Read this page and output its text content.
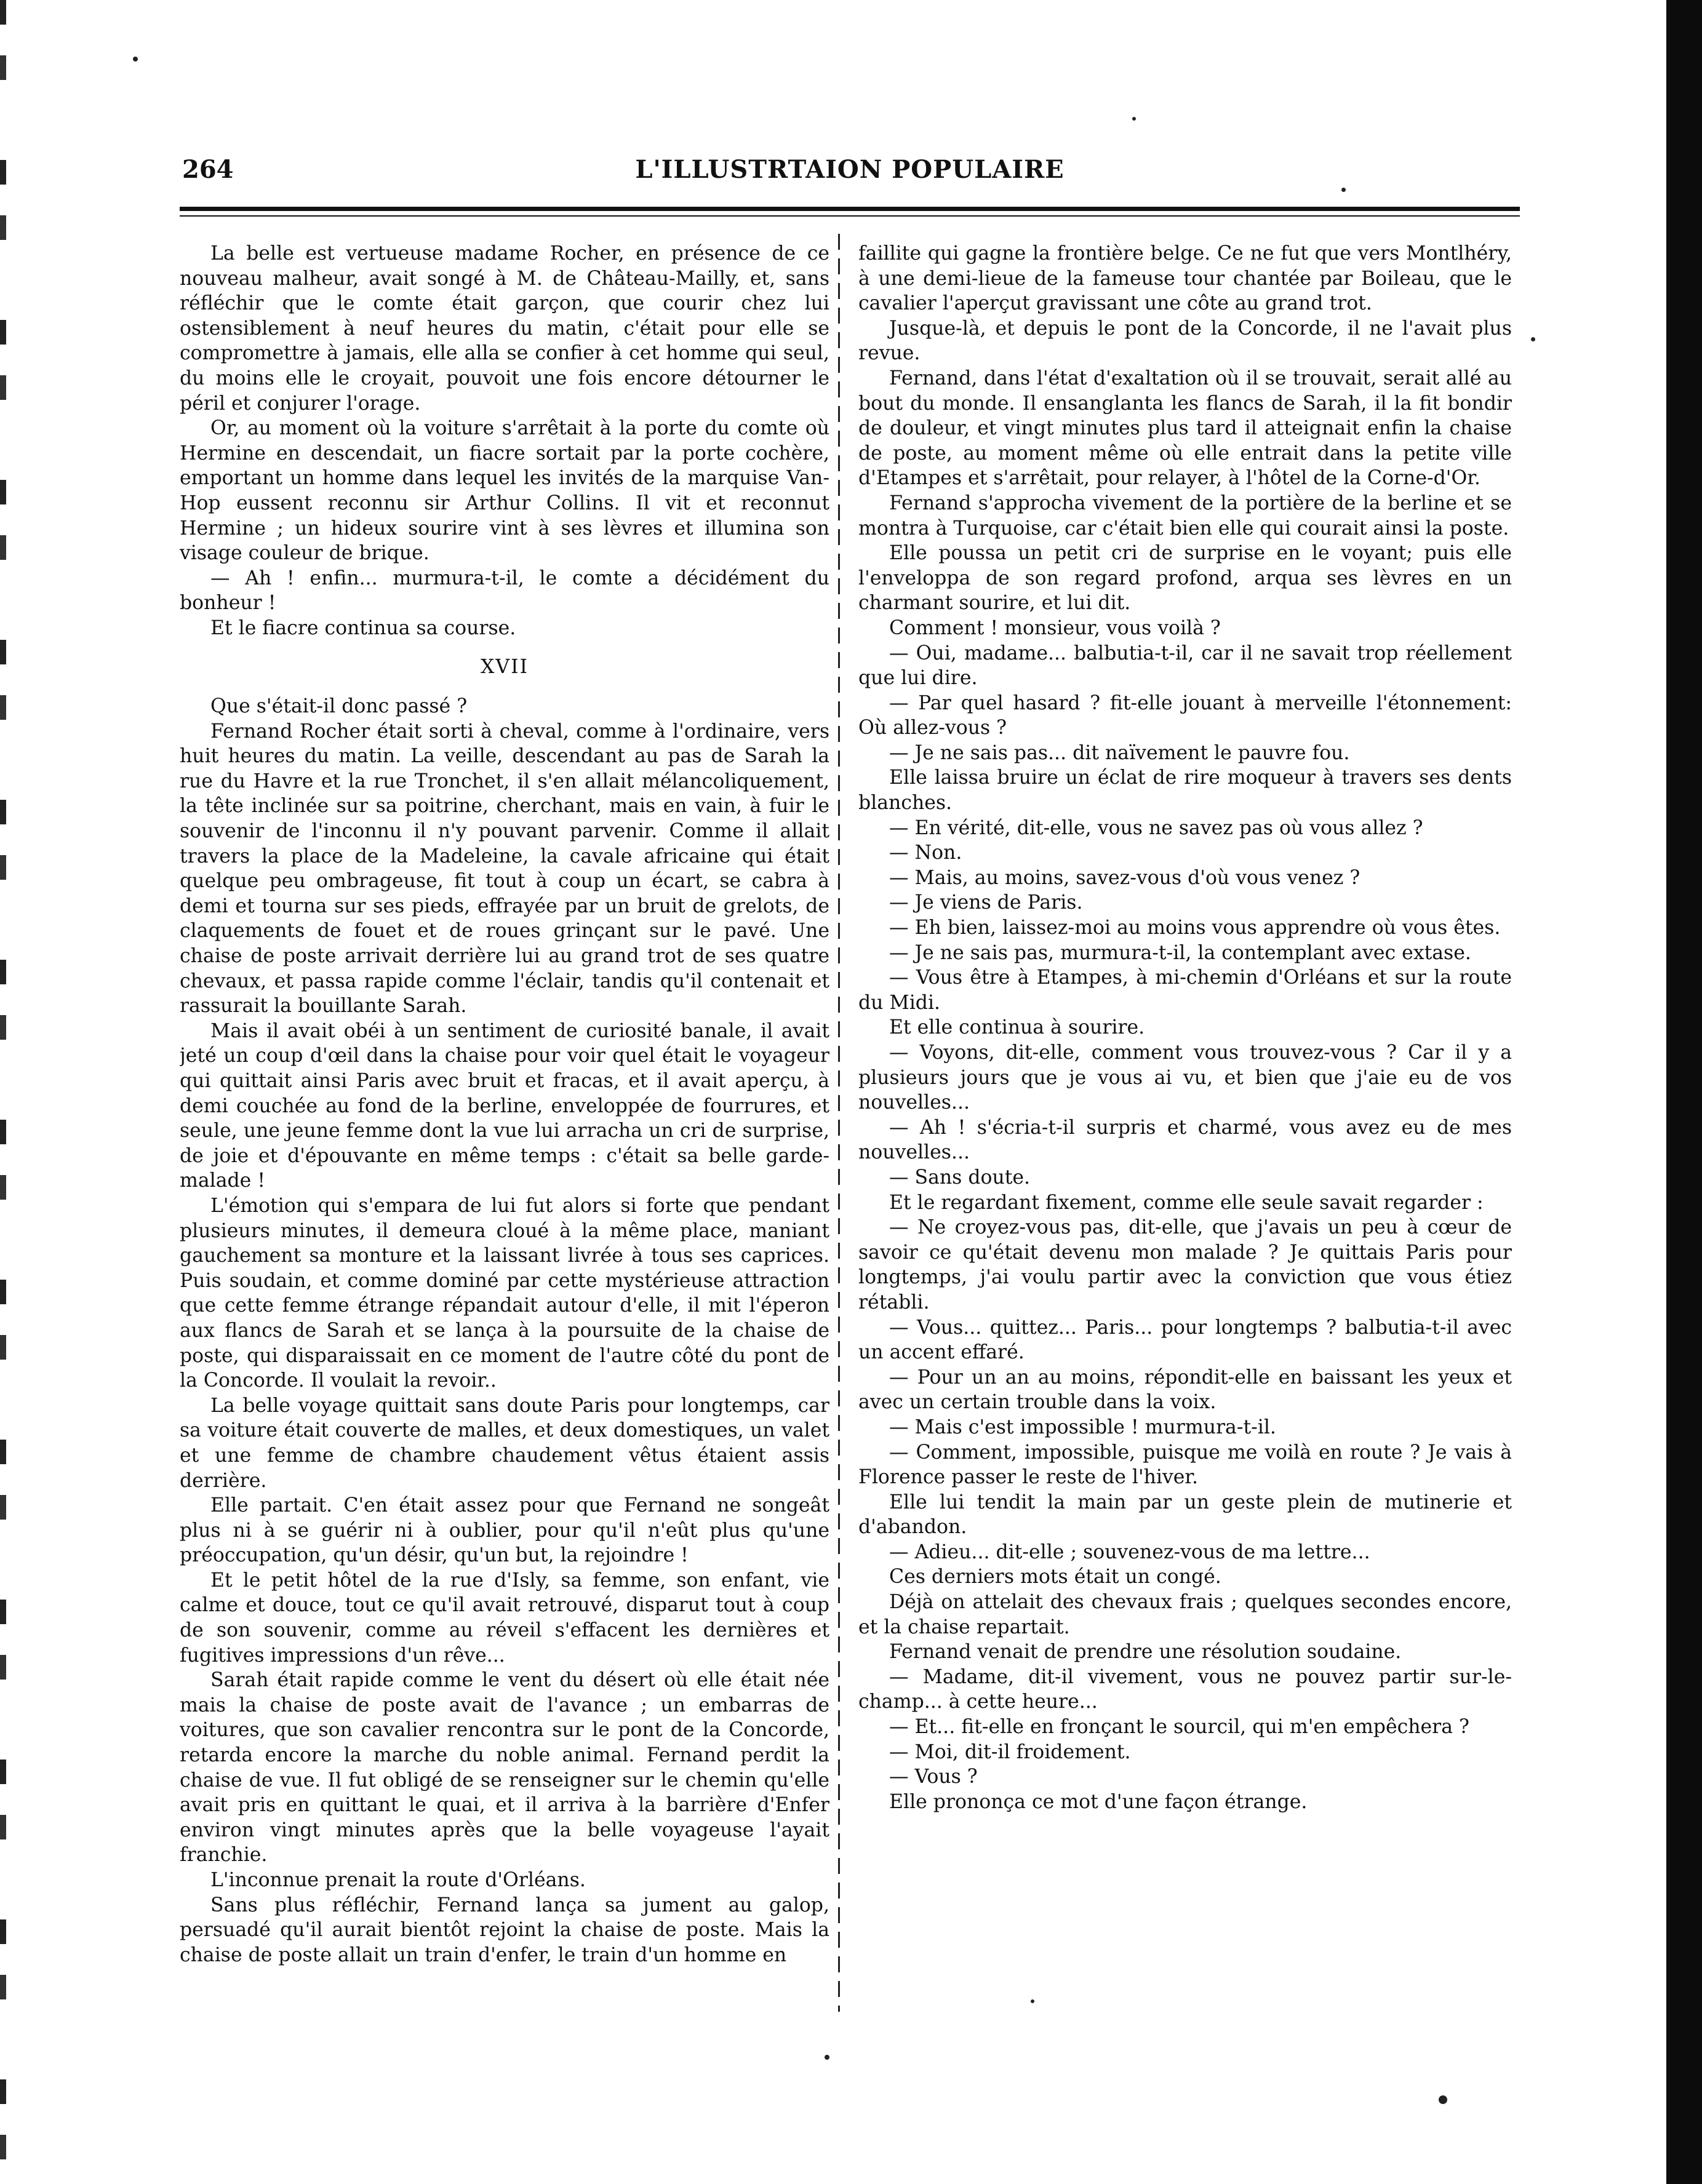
264	L'ILLUSTRTAION POPULAIRE

La belle est vertueuse madame Rocher, en présence de ce nouveau malheur, avait songé à M. de Château-Mailly, et, sans réfléchir que le comte était garçon, que courir chez lui ostensiblement à neuf heures du matin, c'était pour elle se compromettre à jamais, elle alla se confier à cet homme qui seul, du moins elle le croyait, pouvoit une fois encore détourner le péril et conjurer l'orage.

Or, au moment où la voiture s'arrêtait à la porte du comte où Hermine en descendait, un fiacre sortait par la porte cochère, emportant un homme dans lequel les invités de la marquise Van-Hop eussent reconnu sir Arthur Collins. Il vit et reconnut Hermine ; un hideux sourire vint à ses lèvres et illumina son visage couleur de brique.

— Ah ! enfin... murmura-t-il, le comte a décidément du bonheur !

Et le fiacre continua sa course.

XVII

Que s'était-il donc passé ?

Fernand Rocher était sorti à cheval, comme à l'ordinaire, vers huit heures du matin. La veille, descendant au pas de Sarah la rue du Havre et la rue Tronchet, il s'en allait mélancoliquement, la tête inclinée sur sa poitrine, cherchant, mais en vain, à fuir le souvenir de l'inconnu il n'y pouvant parvenir. Comme il allait travers la place de la Madeleine, la cavale africaine qui était quelque peu ombrageuse, fit tout à coup un écart, se cabra à demi et tourna sur ses pieds, effrayée par un bruit de grelots, de claquements de fouet et de roues grinçant sur le pavé. Une chaise de poste arrivait derrière lui au grand trot de ses quatre chevaux, et passa rapide comme l'éclair, tandis qu'il contenait et rassurait la bouillante Sarah.

Mais il avait obéi à un sentiment de curiosité banale, il avait jeté un coup d'œil dans la chaise pour voir quel était le voyageur qui quittait ainsi Paris avec bruit et fracas, et il avait aperçu, à demi couchée au fond de la berline, enveloppée de fourrures, et seule, une jeune femme dont la vue lui arracha un cri de surprise, de joie et d'épouvante en même temps : c'était sa belle garde-malade !

L'émotion qui s'empara de lui fut alors si forte que pendant plusieurs minutes, il demeura cloué à la même place, maniant gauchement sa monture et la laissant livrée à tous ses caprices. Puis soudain, et comme dominé par cette mystérieuse attraction que cette femme étrange répandait autour d'elle, il mit l'éperon aux flancs de Sarah et se lança à la poursuite de la chaise de poste, qui disparaissait en ce moment de l'autre côté du pont de la Concorde. Il voulait la revoir..

La belle voyage quittait sans doute Paris pour longtemps, car sa voiture était couverte de malles, et deux domestiques, un valet et une femme de chambre chaudement vêtus étaient assis derrière.

Elle partait. C'en était assez pour que Fernand ne songeât plus ni à se guérir ni à oublier, pour qu'il n'eût plus qu'une préoccupation, qu'un désir, qu'un but, la rejoindre !

Et le petit hôtel de la rue d'Isly, sa femme, son enfant, vie calme et douce, tout ce qu'il avait retrouvé, disparut tout à coup de son souvenir, comme au réveil s'effacent les dernières et fugitives impressions d'un rêve...

Sarah était rapide comme le vent du désert où elle était née mais la chaise de poste avait de l'avance ; un embarras de voitures, que son cavalier rencontra sur le pont de la Concorde, retarda encore la marche du noble animal. Fernand perdit la chaise de vue. Il fut obligé de se renseigner sur le chemin qu'elle avait pris en quittant le quai, et il arriva à la barrière d'Enfer environ vingt minutes après que la belle voyageuse l'ayait franchie.

L'inconnue prenait la route d'Orléans.

Sans plus réfléchir, Fernand lança sa jument au galop, persuadé qu'il aurait bientôt rejoint la chaise de poste. Mais la chaise de poste allait un train d'enfer, le train d'un homme en

faillite qui gagne la frontière belge. Ce ne fut que vers Montlhéry, à une demi-lieue de la fameuse tour chantée par Boileau, que le cavalier l'aperçut gravissant une côte au grand trot.

Jusque-là, et depuis le pont de la Concorde, il ne l'avait plus revue.

Fernand, dans l'état d'exaltation où il se trouvait, serait allé au bout du monde. Il ensanglanta les flancs de Sarah, il la fit bondir de douleur, et vingt minutes plus tard il atteignait enfin la chaise de poste, au moment même où elle entrait dans la petite ville d'Etampes et s'arrêtait, pour relayer, à l'hôtel de la Corne-d'Or.

Fernand s'approcha vivement de la portière de la berline et se montra à Turquoise, car c'était bien elle qui courait ainsi la poste.

Elle poussa un petit cri de surprise en le voyant; puis elle l'enveloppa de son regard profond, arqua ses lèvres en un charmant sourire, et lui dit.

Comment ! monsieur, vous voilà ?

— Oui, madame... balbutia-t-il, car il ne savait trop réellement que lui dire.

— Par quel hasard ? fit-elle jouant à merveille l'étonnement: Où allez-vous ?

— Je ne sais pas... dit naïvement le pauvre fou.

Elle laissa bruire un éclat de rire moqueur à travers ses dents blanches.

— En vérité, dit-elle, vous ne savez pas où vous allez ?

— Non.

— Mais, au moins, savez-vous d'où vous venez ?

— Je viens de Paris.

— Eh bien, laissez-moi au moins vous apprendre où vous êtes.

— Je ne sais pas, murmura-t-il, la contemplant avec extase.

— Vous être à Etampes, à mi-chemin d'Orléans et sur la route du Midi.

Et elle continua à sourire.

— Voyons, dit-elle, comment vous trouvez-vous ? Car il y a plusieurs jours que je vous ai vu, et bien que j'aie eu de vos nouvelles...

— Ah ! s'écria-t-il surpris et charmé, vous avez eu de mes nouvelles...

— Sans doute.

Et le regardant fixement, comme elle seule savait regarder :

— Ne croyez-vous pas, dit-elle, que j'avais un peu à cœur de savoir ce qu'était devenu mon malade ? Je quittais Paris pour longtemps, j'ai voulu partir avec la conviction que vous étiez rétabli.

— Vous... quittez... Paris... pour longtemps ? balbutia-t-il avec un accent effaré.

— Pour un an au moins, répondit-elle en baissant les yeux et avec un certain trouble dans la voix.

— Mais c'est impossible ! murmura-t-il.

— Comment, impossible, puisque me voilà en route ? Je vais à Florence passer le reste de l'hiver.

Elle lui tendit la main par un geste plein de mutinerie et d'abandon.

— Adieu... dit-elle ; souvenez-vous de ma lettre...

Ces derniers mots était un congé.

Déjà on attelait des chevaux frais ; quelques secondes encore, et la chaise repartait.

Fernand venait de prendre une résolution soudaine.

— Madame, dit-il vivement, vous ne pouvez partir sur-le-champ... à cette heure...

— Et... fit-elle en fronçant le sourcil, qui m'en empêchera ?

— Moi, dit-il froidement.

— Vous ?

Elle prononça ce mot d'une façon étrange.
